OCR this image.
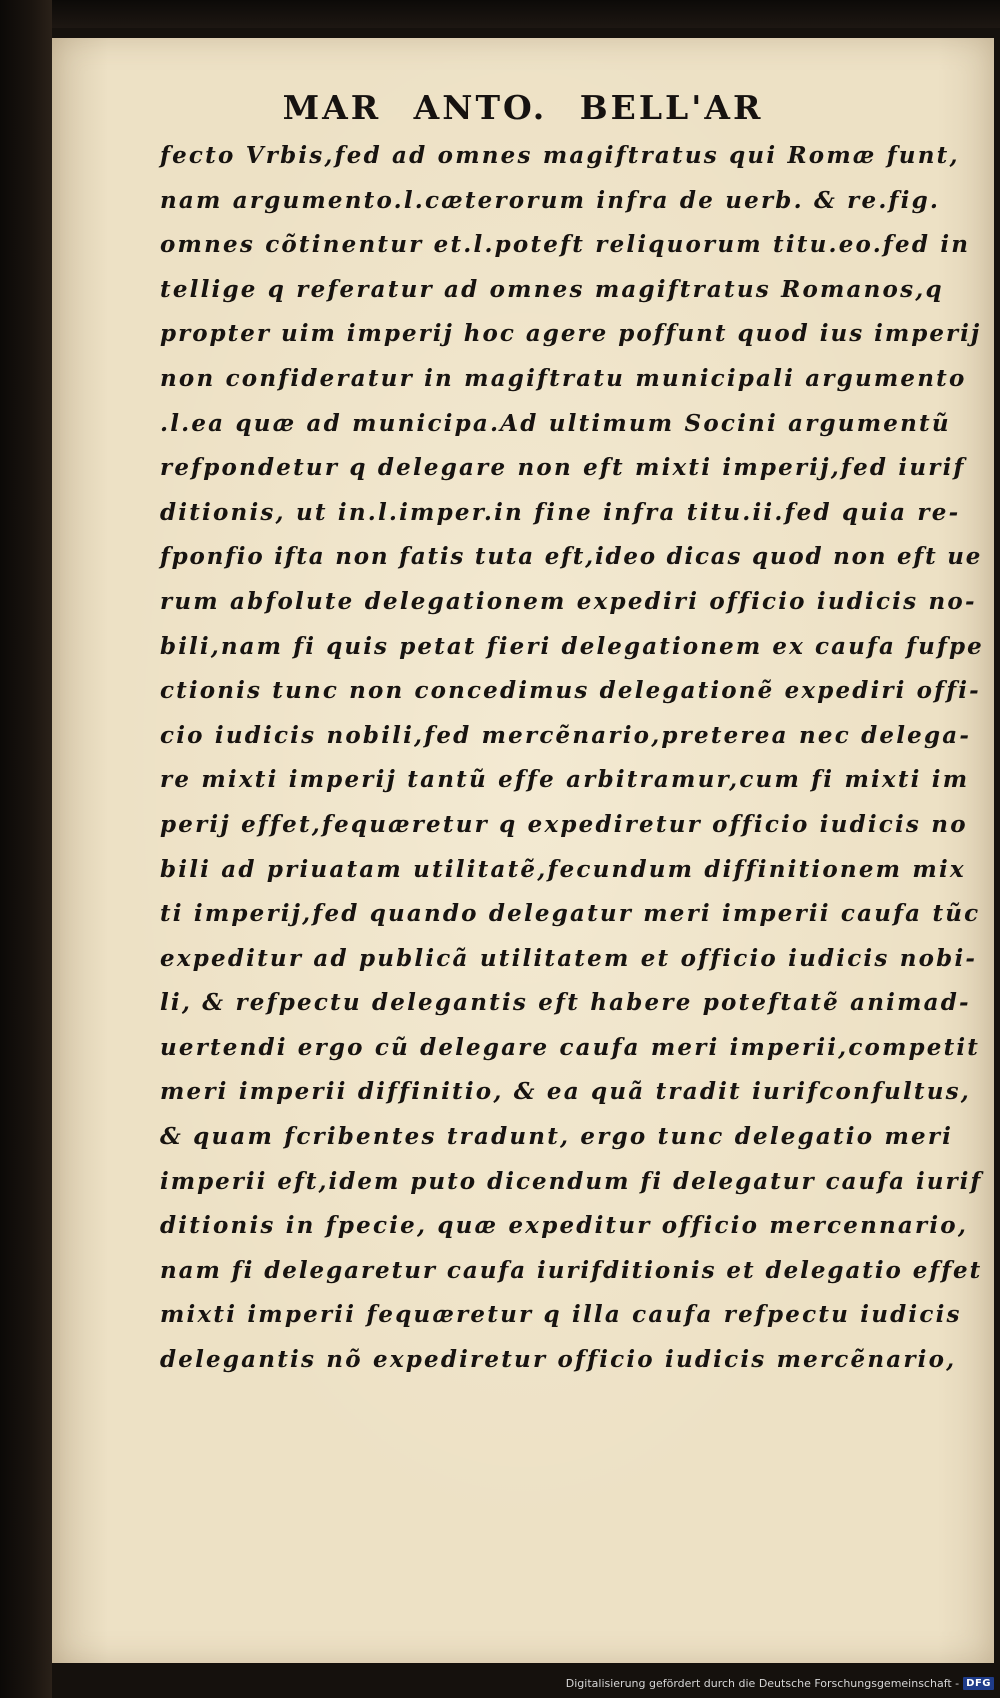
MAR ANTO. BELL'AR
fecto Vrbis,fed ad omnes magiftratus qui Romæ funt,
nam argumento.l.cæterorum infra de uerb. & re.fig.
omnes cõtinentur et.l.poteft reliquorum titu.eo.fed in
tellige q referatur ad omnes magiftratus Romanos,q
propter uim imperij hoc agere poffunt quod ius imperij
non confideratur in magiftratu municipali argumento
.l.ea quæ ad municipa.Ad ultimum Socini argumentũ
refpondetur q delegare non eft mixti imperij,fed iurif
ditionis, ut in.l.imper.in fine infra titu.ii.fed quia re-
fponfio ifta non fatis tuta eft,ideo dicas quod non eft ue
rum abfolute delegationem expediri officio iudicis no-
bili,nam fi quis petat fieri delegationem ex caufa fufpe
ctionis tunc non concedimus delegationẽ expediri offi-
cio iudicis nobili,fed mercẽnario,preterea nec delega-
re mixti imperij tantũ effe arbitramur,cum fi mixti im
perij effet,fequæretur q expediretur officio iudicis no
bili ad priuatam utilitatẽ,fecundum diffinitionem mix
ti imperij,fed quando delegatur meri imperii caufa tũc
expeditur ad publicã utilitatem et officio iudicis nobi-
li, & refpectu delegantis eft habere poteftatẽ animad-
uertendi ergo cũ delegare caufa meri imperii,competit
meri imperii diffinitio, & ea quã tradit iurifconfultus,
& quam fcribentes tradunt, ergo tunc delegatio meri
imperii eft,idem puto dicendum fi delegatur caufa iurif
ditionis in fpecie, quæ expeditur officio mercennario,
nam fi delegaretur caufa iurifditionis et delegatio effet
mixti imperii fequæretur q illa caufa refpectu iudicis
delegantis nõ expediretur officio iudicis mercẽnario,
Digitalisierung gefördert durch die Deutsche Forschungsgemeinschaft - DFG
